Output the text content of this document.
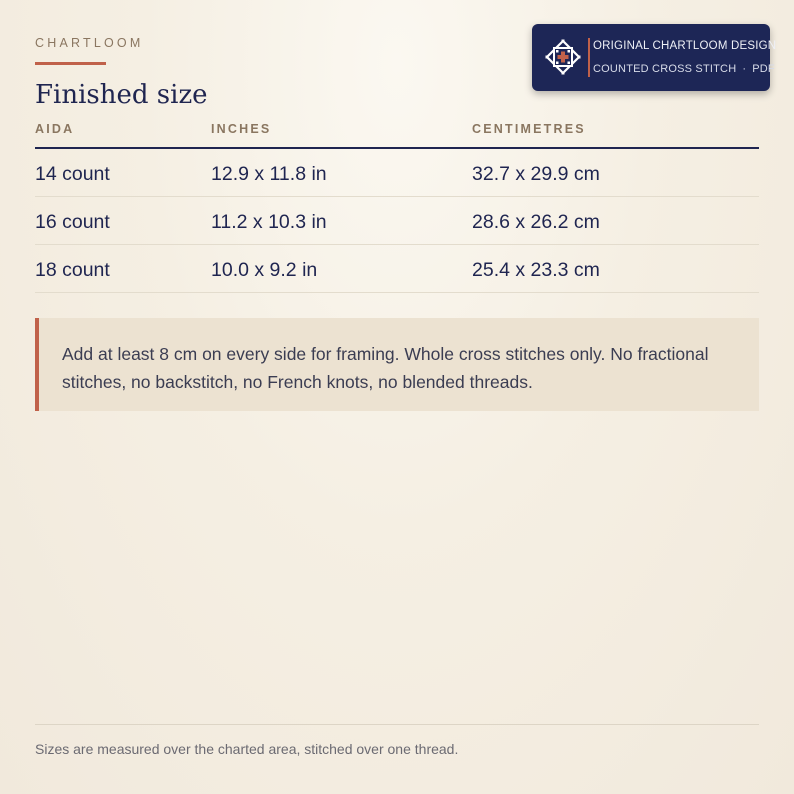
CHARTLOOM	ORIGINAL CHARTLOOM DESIGN
COUNTED CROSS STITCH · PDF
Finished size
AIDA	INCHES	CENTIMETRES
14 count	12.9 x 11.8 in	32.7 x 29.9 cm
16 count	11.2 x 10.3 in	28.6 x 26.2 cm
18 count	10.0 x 9.2 in	25.4 x 23.3 cm
Add at least 8 cm on every side for framing. Whole cross stitches only. No fractional stitches, no backstitch, no French knots, no blended threads.
Sizes are measured over the charted area, stitched over one thread.
